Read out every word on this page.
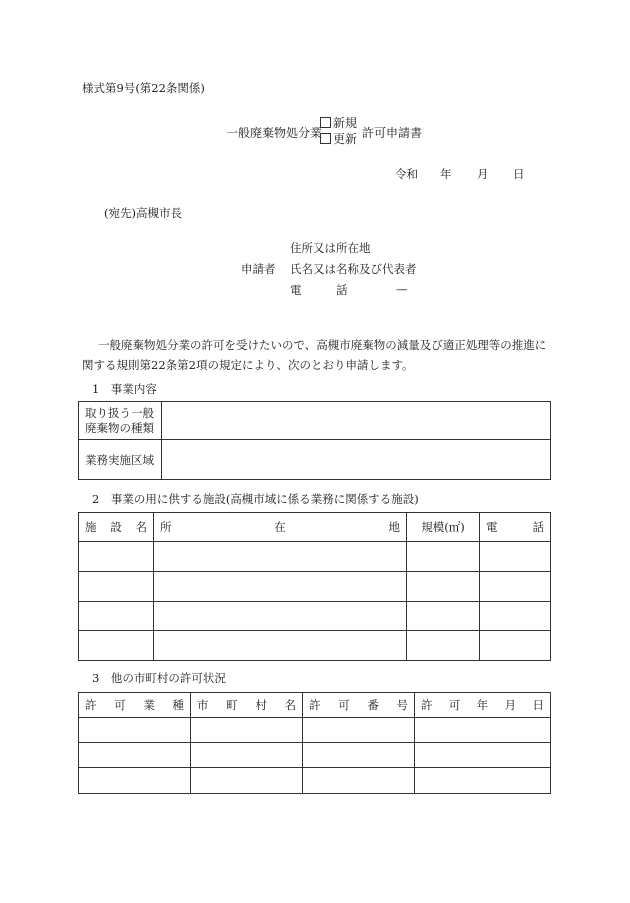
様式第9号(第22条関係)
一般廃棄物処分業
新規
更新 許可申請書
令和 年 月 日
(宛先)高槻市長
住所又は所在地
申請者 氏名又は名称及び代表者
電	話	—
一般廃棄物処分業の許可を受けたいので、高槻市廃棄物の減量及び適正処理等の推進に関する規則第22条第2項の規定により、次のとおり申請します。
1　事業内容
取り扱う一般
廃棄物の種類	

業務実施区域	
2　事業の用に供する施設(高槻市域に係る業務に関係する施設)
施 設 名	所 在 地	規模(㎡)	電 話

3　他の市町村の許可状況
許 可 業 種	市 町 村 名	許 可 番 号	許 可 年 月 日
